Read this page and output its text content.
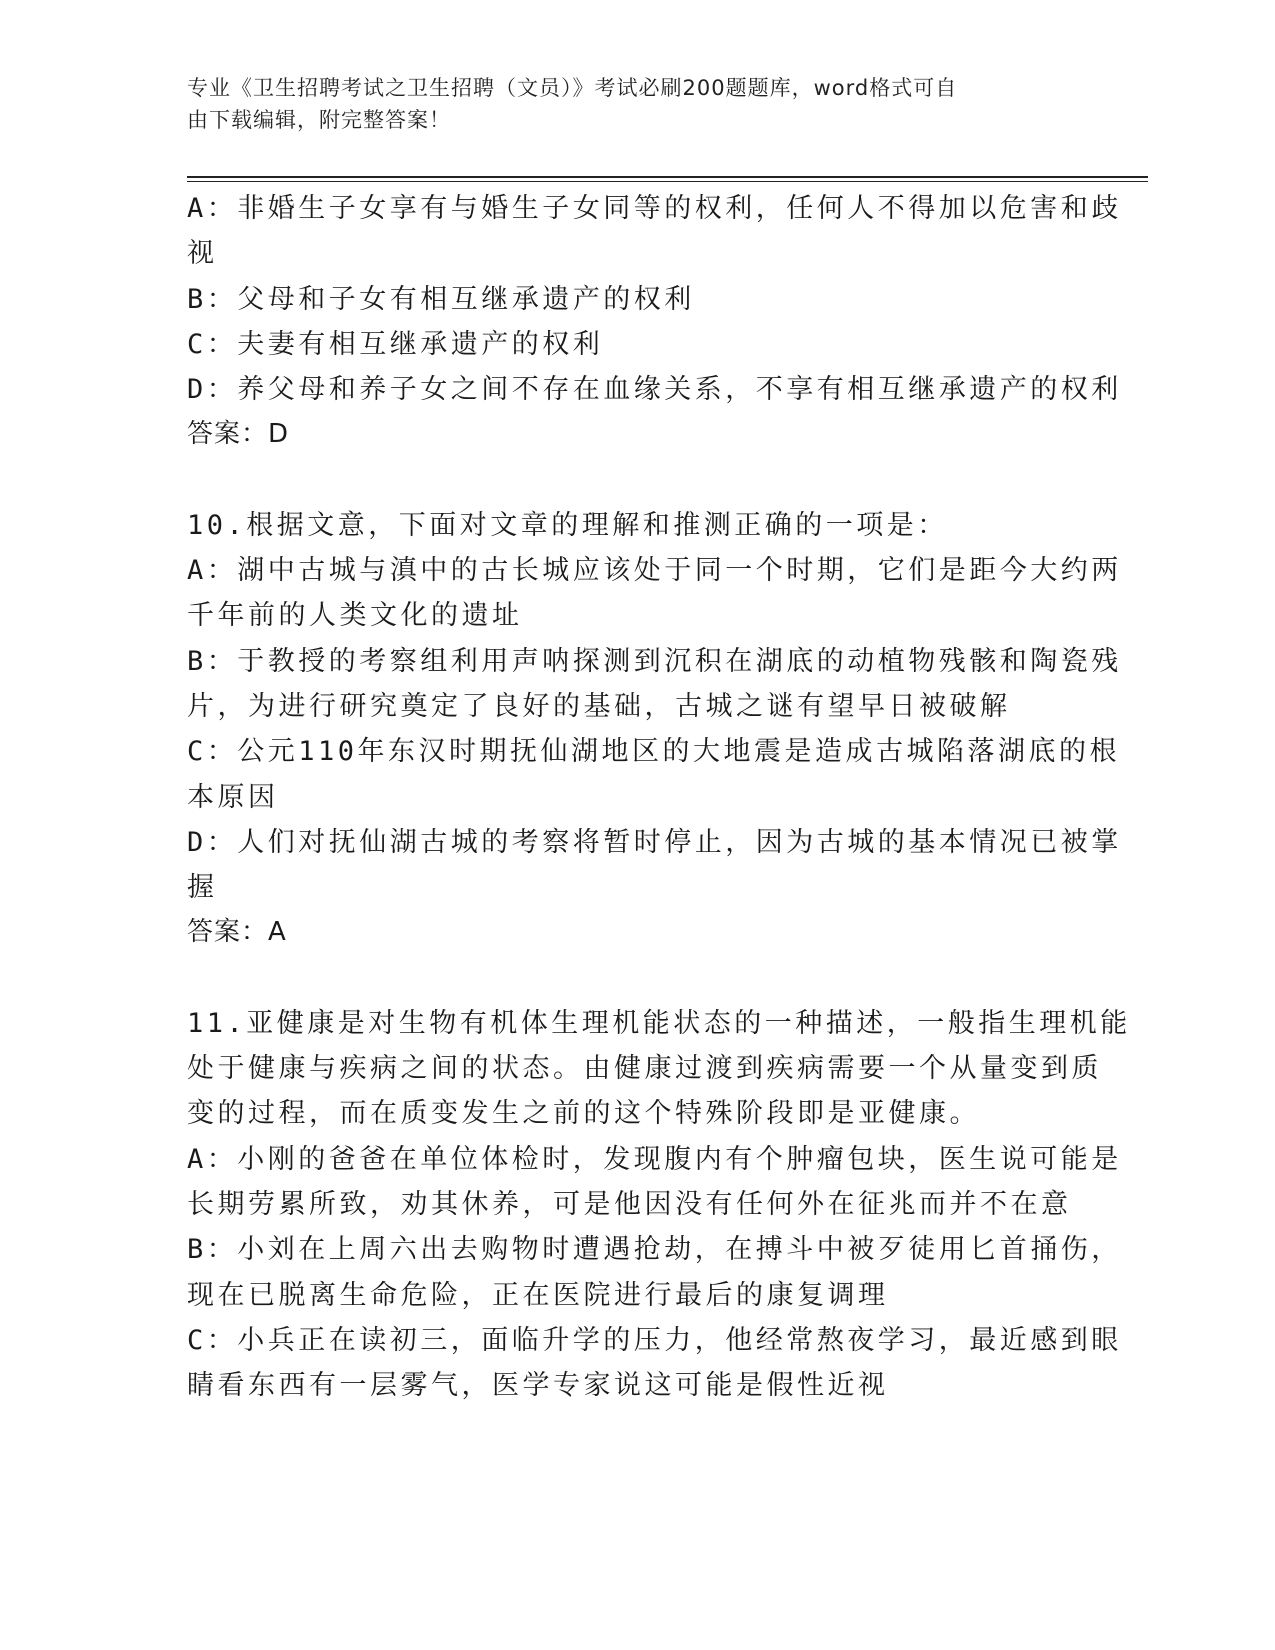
专业《卫生招聘考试之卫生招聘（文员）》考试必刷200题题库，word格式可自
由下载编辑，附完整答案！

A：非婚生子女享有与婚生子女同等的权利，任何人不得加以危害和歧

视

B：父母和子女有相互继承遗产的权利

C：夫妻有相互继承遗产的权利

D：养父母和养子女之间不存在血缘关系，不享有相互继承遗产的权利

答案：D

10.根据文意，下面对文章的理解和推测正确的一项是：

A：湖中古城与滇中的古长城应该处于同一个时期，它们是距今大约两

千年前的人类文化的遗址

B：于教授的考察组利用声呐探测到沉积在湖底的动植物残骸和陶瓷残

片，为进行研究奠定了良好的基础，古城之谜有望早日被破解

C：公元110年东汉时期抚仙湖地区的大地震是造成古城陷落湖底的根

本原因

D：人们对抚仙湖古城的考察将暂时停止，因为古城的基本情况已被掌

握

答案：A

11.亚健康是对生物有机体生理机能状态的一种描述，一般指生理机能

处于健康与疾病之间的状态。由健康过渡到疾病需要一个从量变到质

变的过程，而在质变发生之前的这个特殊阶段即是亚健康。

A：小刚的爸爸在单位体检时，发现腹内有个肿瘤包块，医生说可能是

长期劳累所致，劝其休养，可是他因没有任何外在征兆而并不在意

B：小刘在上周六出去购物时遭遇抢劫，在搏斗中被歹徒用匕首捅伤，

现在已脱离生命危险，正在医院进行最后的康复调理

C：小兵正在读初三，面临升学的压力，他经常熬夜学习，最近感到眼

睛看东西有一层雾气，医学专家说这可能是假性近视
